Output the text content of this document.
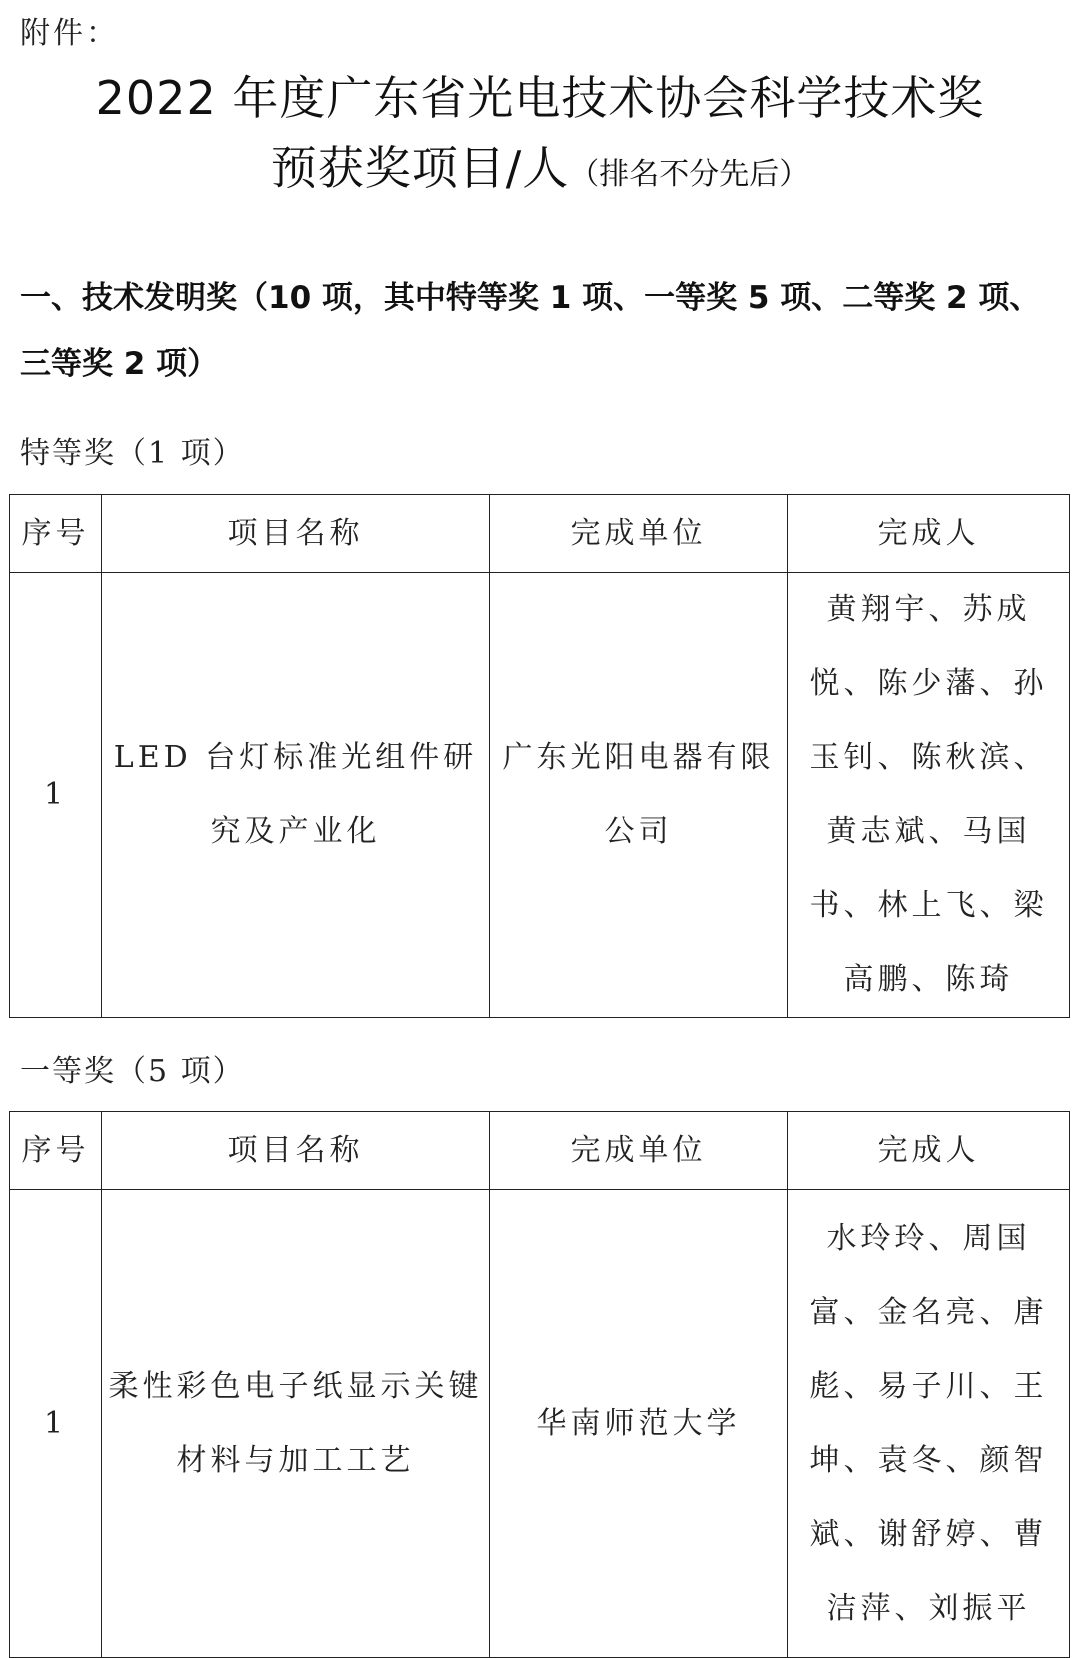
附件：
2022 年度广东省光电技术协会科学技术奖
预获奖项目/人（排名不分先后）
一、技术发明奖（10 项，其中特等奖 1 项、一等奖 5 项、二等奖 2 项、三等奖 2 项）
特等奖（1 项）
序号	项目名称	完成单位	完成人
1	LED 台灯标准光组件研究及产业化	广东光阳电器有限公司	黄翔宇、苏成悦、陈少藩、孙玉钊、陈秋滨、黄志斌、马国书、林上飞、梁高鹏、陈琦
一等奖（5 项）
序号	项目名称	完成单位	完成人
1	柔性彩色电子纸显示关键材料与加工工艺	华南师范大学	水玲玲、周国富、金名亮、唐彪、易子川、王坤、袁冬、颜智斌、谢舒婷、曹洁萍、刘振平
